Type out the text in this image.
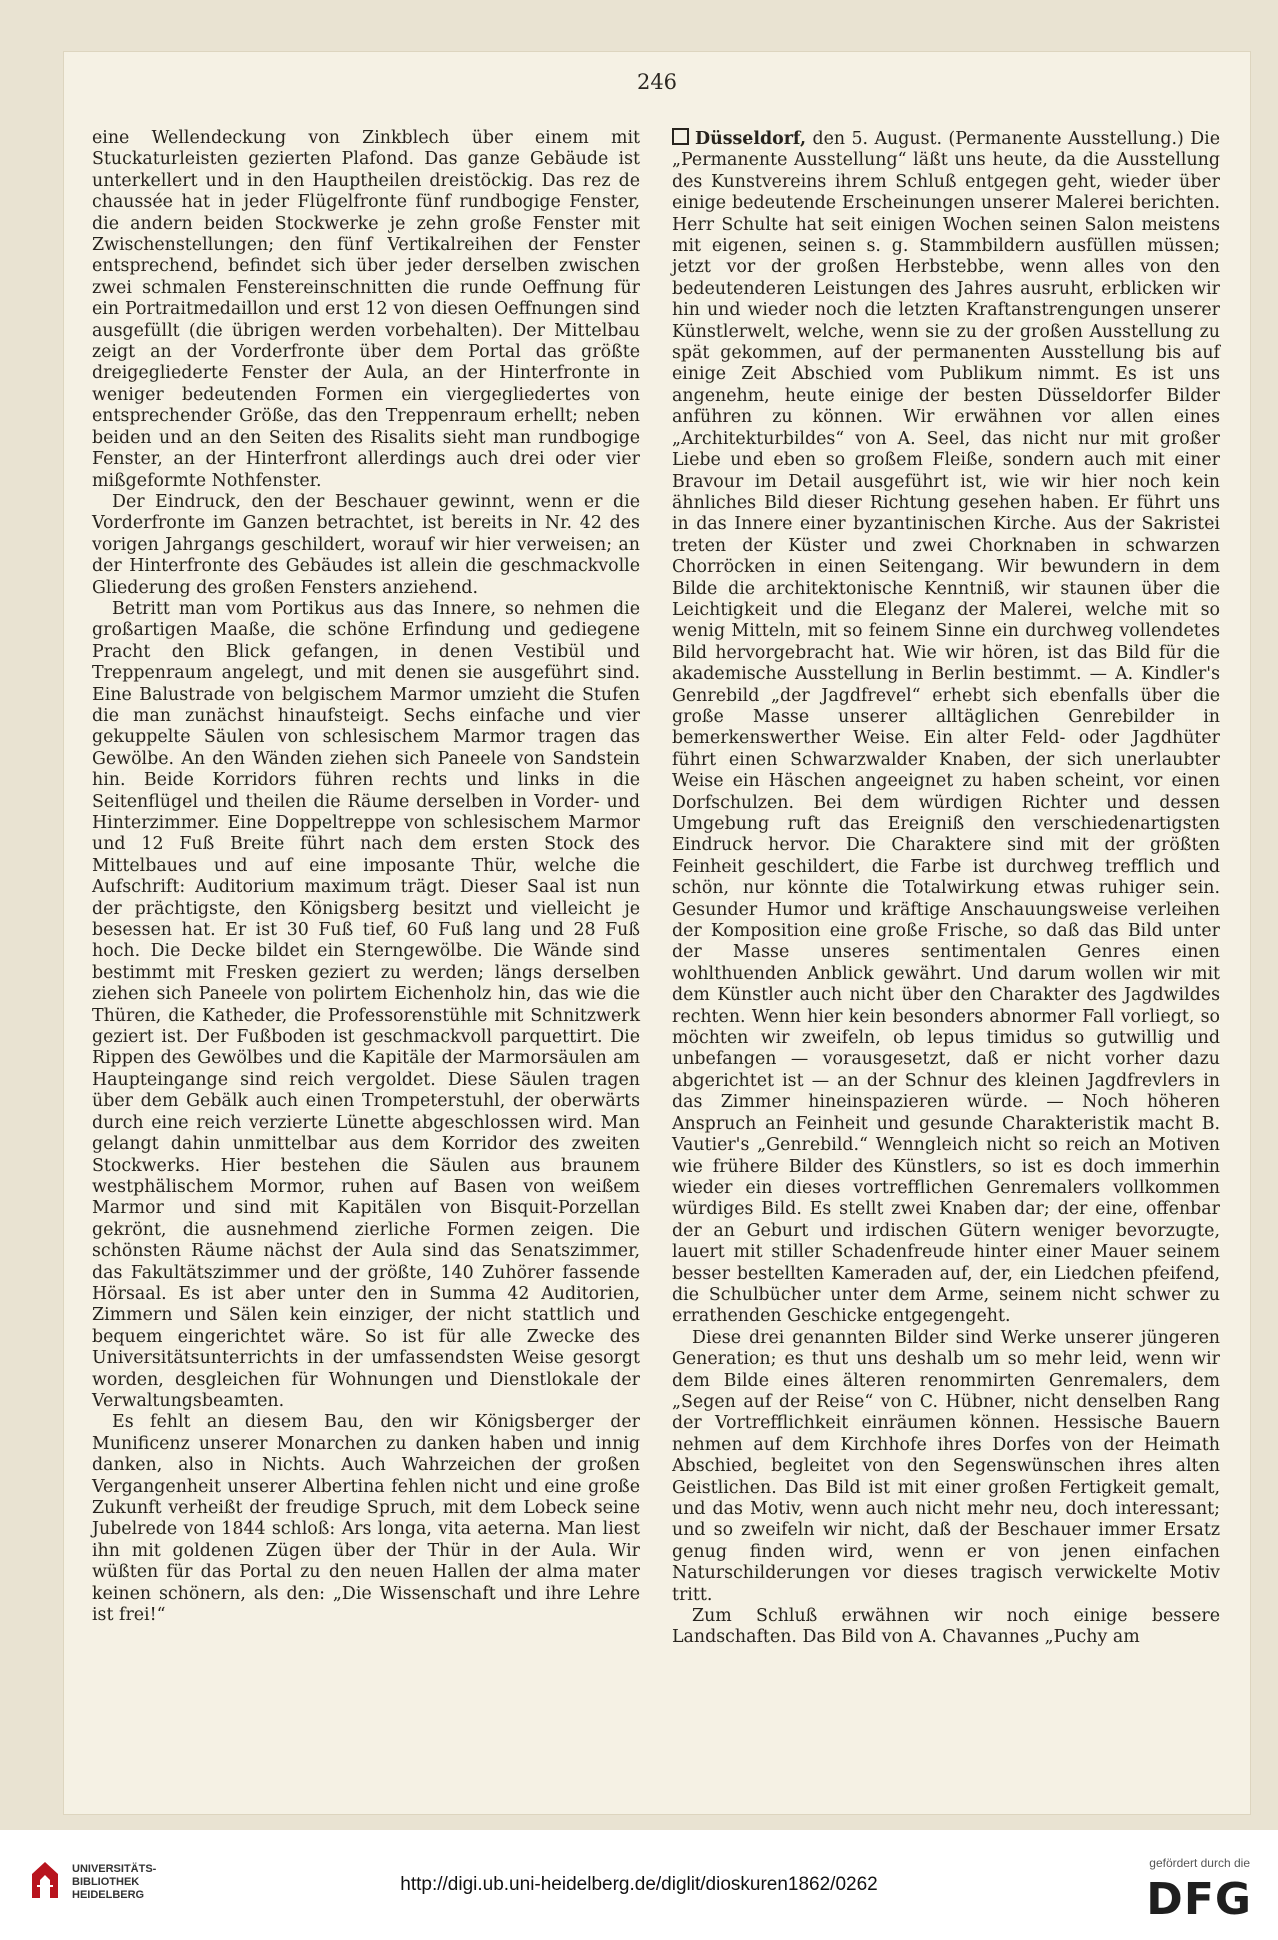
246

eine Wellendeckung von Zinkblech über einem mit Stuckaturleisten gezierten Plafond. Das ganze Gebäude ist unterkellert und in den Hauptheilen dreistöckig. Das rez de chaussée hat in jeder Flügelfronte fünf rundbogige Fenster, die andern beiden Stockwerke je zehn große Fenster mit Zwischenstellungen; den fünf Vertikalreihen der Fenster entsprechend, befindet sich über jeder derselben zwischen zwei schmalen Fenstereinschnitten die runde Oeffnung für ein Portraitmedaillon und erst 12 von diesen Oeffnungen sind ausgefüllt (die übrigen werden vorbehalten). Der Mittelbau zeigt an der Vorderfronte über dem Portal das größte dreigegliederte Fenster der Aula, an der Hinterfronte in weniger bedeutenden Formen ein viergegliedertes von entsprechender Größe, das den Treppenraum erhellt; neben beiden und an den Seiten des Risalits sieht man rundbogige Fenster, an der Hinterfront allerdings auch drei oder vier mißgeformte Nothfenster.

Der Eindruck, den der Beschauer gewinnt, wenn er die Vorderfronte im Ganzen betrachtet, ist bereits in Nr. 42 des vorigen Jahrgangs geschildert, worauf wir hier verweisen; an der Hinterfronte des Gebäudes ist allein die geschmackvolle Gliederung des großen Fensters anziehend.

Betritt man vom Portikus aus das Innere, so nehmen die großartigen Maaße, die schöne Erfindung und gediegene Pracht den Blick gefangen, in denen Vestibül und Treppenraum angelegt, und mit denen sie ausgeführt sind. Eine Balustrade von belgischem Marmor umzieht die Stufen die man zunächst hinaufsteigt. Sechs einfache und vier gekuppelte Säulen von schlesischem Marmor tragen das Gewölbe. An den Wänden ziehen sich Paneele von Sandstein hin. Beide Korridors führen rechts und links in die Seitenflügel und theilen die Räume derselben in Vorder- und Hinterzimmer. Eine Doppeltreppe von schlesischem Marmor und 12 Fuß Breite führt nach dem ersten Stock des Mittelbaues und auf eine imposante Thür, welche die Aufschrift: Auditorium maximum trägt. Dieser Saal ist nun der prächtigste, den Königsberg besitzt und vielleicht je besessen hat. Er ist 30 Fuß tief, 60 Fuß lang und 28 Fuß hoch. Die Decke bildet ein Sterngewölbe. Die Wände sind bestimmt mit Fresken geziert zu werden; längs derselben ziehen sich Paneele von polirtem Eichenholz hin, das wie die Thüren, die Katheder, die Professorenstühle mit Schnitzwerk geziert ist. Der Fußboden ist geschmackvoll parquettirt. Die Rippen des Gewölbes und die Kapitäle der Marmorsäulen am Haupteingange sind reich vergoldet. Diese Säulen tragen über dem Gebälk auch einen Trompeterstuhl, der oberwärts durch eine reich verzierte Lünette abgeschlossen wird. Man gelangt dahin unmittelbar aus dem Korridor des zweiten Stockwerks. Hier bestehen die Säulen aus braunem westphälischem Mormor, ruhen auf Basen von weißem Marmor und sind mit Kapitälen von Bisquit-Porzellan gekrönt, die ausnehmend zierliche Formen zeigen. Die schönsten Räume nächst der Aula sind das Senatszimmer, das Fakultätszimmer und der größte, 140 Zuhörer fassende Hörsaal. Es ist aber unter den in Summa 42 Auditorien, Zimmern und Sälen kein einziger, der nicht stattlich und bequem eingerichtet wäre. So ist für alle Zwecke des Universitätsunterrichts in der umfassendsten Weise gesorgt worden, desgleichen für Wohnungen und Dienstlokale der Verwaltungsbeamten.

Es fehlt an diesem Bau, den wir Königsberger der Munificenz unserer Monarchen zu danken haben und innig danken, also in Nichts. Auch Wahrzeichen der großen Vergangenheit unserer Albertina fehlen nicht und eine große Zukunft verheißt der freudige Spruch, mit dem Lobeck seine Jubelrede von 1844 schloß: Ars longa, vita aeterna. Man liest ihn mit goldenen Zügen über der Thür in der Aula. Wir wüßten für das Portal zu den neuen Hallen der alma mater keinen schönern, als den: „Die Wissenschaft und ihre Lehre ist frei!“

Düsseldorf, den 5. August. (Permanente Ausstellung.) Die „Permanente Ausstellung“ läßt uns heute, da die Ausstellung des Kunstvereins ihrem Schluß entgegen geht, wieder über einige bedeutende Erscheinungen unserer Malerei berichten. Herr Schulte hat seit einigen Wochen seinen Salon meistens mit eigenen, seinen s. g. Stammbildern ausfüllen müssen; jetzt vor der großen Herbstebbe, wenn alles von den bedeutenderen Leistungen des Jahres ausruht, erblicken wir hin und wieder noch die letzten Kraftanstrengungen unserer Künstlerwelt, welche, wenn sie zu der großen Ausstellung zu spät gekommen, auf der permanenten Ausstellung bis auf einige Zeit Abschied vom Publikum nimmt. Es ist uns angenehm, heute einige der besten Düsseldorfer Bilder anführen zu können. Wir erwähnen vor allen eines „Architekturbildes“ von A. Seel, das nicht nur mit großer Liebe und eben so großem Fleiße, sondern auch mit einer Bravour im Detail ausgeführt ist, wie wir hier noch kein ähnliches Bild dieser Richtung gesehen haben. Er führt uns in das Innere einer byzantinischen Kirche. Aus der Sakristei treten der Küster und zwei Chorknaben in schwarzen Chorröcken in einen Seitengang. Wir bewundern in dem Bilde die architektonische Kenntniß, wir staunen über die Leichtigkeit und die Eleganz der Malerei, welche mit so wenig Mitteln, mit so feinem Sinne ein durchweg vollendetes Bild hervorgebracht hat. Wie wir hören, ist das Bild für die akademische Ausstellung in Berlin bestimmt. — A. Kindler's Genrebild „der Jagdfrevel“ erhebt sich ebenfalls über die große Masse unserer alltäglichen Genrebilder in bemerkenswerther Weise. Ein alter Feld- oder Jagdhüter führt einen Schwarzwalder Knaben, der sich unerlaubter Weise ein Häschen angeeignet zu haben scheint, vor einen Dorfschulzen. Bei dem würdigen Richter und dessen Umgebung ruft das Ereigniß den verschiedenartigsten Eindruck hervor. Die Charaktere sind mit der größten Feinheit geschildert, die Farbe ist durchweg trefflich und schön, nur könnte die Totalwirkung etwas ruhiger sein. Gesunder Humor und kräftige Anschauungsweise verleihen der Komposition eine große Frische, so daß das Bild unter der Masse unseres sentimentalen Genres einen wohlthuenden Anblick gewährt. Und darum wollen wir mit dem Künstler auch nicht über den Charakter des Jagdwildes rechten. Wenn hier kein besonders abnormer Fall vorliegt, so möchten wir zweifeln, ob lepus timidus so gutwillig und unbefangen — vorausgesetzt, daß er nicht vorher dazu abgerichtet ist — an der Schnur des kleinen Jagdfrevlers in das Zimmer hineinspazieren würde. — Noch höheren Anspruch an Feinheit und gesunde Charakteristik macht B. Vautier's „Genrebild.“ Wenngleich nicht so reich an Motiven wie frühere Bilder des Künstlers, so ist es doch immerhin wieder ein dieses vortrefflichen Genremalers vollkommen würdiges Bild. Es stellt zwei Knaben dar; der eine, offenbar der an Geburt und irdischen Gütern weniger bevorzugte, lauert mit stiller Schadenfreude hinter einer Mauer seinem besser bestellten Kameraden auf, der, ein Liedchen pfeifend, die Schulbücher unter dem Arme, seinem nicht schwer zu errathenden Geschicke entgegengeht.

Diese drei genannten Bilder sind Werke unserer jüngeren Generation; es thut uns deshalb um so mehr leid, wenn wir dem Bilde eines älteren renommirten Genremalers, dem „Segen auf der Reise“ von C. Hübner, nicht denselben Rang der Vortrefflichkeit einräumen können. Hessische Bauern nehmen auf dem Kirchhofe ihres Dorfes von der Heimath Abschied, begleitet von den Segenswünschen ihres alten Geistlichen. Das Bild ist mit einer großen Fertigkeit gemalt, und das Motiv, wenn auch nicht mehr neu, doch interessant; und so zweifeln wir nicht, daß der Beschauer immer Ersatz genug finden wird, wenn er von jenen einfachen Naturschilderungen vor dieses tragisch verwickelte Motiv tritt.

Zum Schluß erwähnen wir noch einige bessere Landschaften. Das Bild von A. Chavannes „Puchy am

UNIVERSITÄTS-
BIBLIOTHEK
HEIDELBERG	http://digi.ub.uni-heidelberg.de/diglit/dioskuren1862/0262
gefördert durch die
DFG
